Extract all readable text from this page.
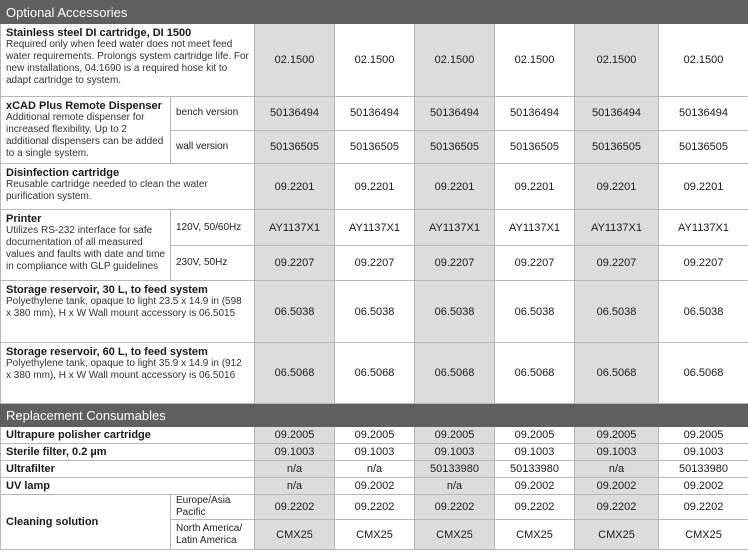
Optional Accessories							

Stainless steel DI cartridge, DI 1500
Required only when feed water does not meet feed water requirements. Prolongs system cartridge life. For new installations, 04.1690 is a required hose kit to adapt cartridge to system.		02.1500	02.1500	02.1500	02.1500	02.1500	02.1500

xCAD Plus Remote Dispenser
Additional remote dispenser for increased flexibility. Up to 2 additional dispensers can be added to a single system.	bench version	50136494	50136494	50136494	50136494	50136494	50136494
	wall version	50136505	50136505	50136505	50136505	50136505	50136505

Disinfection cartridge
Reusable cartridge needed to clean the water purification system.		09.2201	09.2201	09.2201	09.2201	09.2201	09.2201

Printer
Utilizes RS-232 interface for safe documentation of all measured values and faults with date and time in compliance with GLP guidelines	120V, 50/60Hz	AY1137X1	AY1137X1	AY1137X1	AY1137X1	AY1137X1	AY1137X1
	230V, 50Hz	09.2207	09.2207	09.2207	09.2207	09.2207	09.2207

Storage reservoir, 30 L, to feed system
Polyethylene tank, opaque to light 23.5 x 14.9 in (598 x 380 mm), H x W Wall mount accessory is 06.5015		06.5038	06.5038	06.5038	06.5038	06.5038	06.5038

Storage reservoir, 60 L, to feed system
Polyethylene tank, opaque to light 35.9 x 14.9 in (912 x 380 mm), H x W Wall mount accessory is 06.5016		06.5068	06.5068	06.5068	06.5068	06.5068	06.5068
Replacement Consumables							
Ultrapure polisher cartridge		09.2005	09.2005	09.2005	09.2005	09.2005	09.2005
Sterile filter, 0.2 µm		09.1003	09.1003	09.1003	09.1003	09.1003	09.1003
Ultrafilter		n/a	n/a	50133980	50133980	n/a	50133980
UV lamp		n/a	09.2002	n/a	09.2002	09.2002	09.2002
Cleaning solution	Europe/Asia Pacific	09.2202	09.2202	09.2202	09.2202	09.2202	09.2202
	North America/ Latin America	CMX25	CMX25	CMX25	CMX25	CMX25	CMX25
